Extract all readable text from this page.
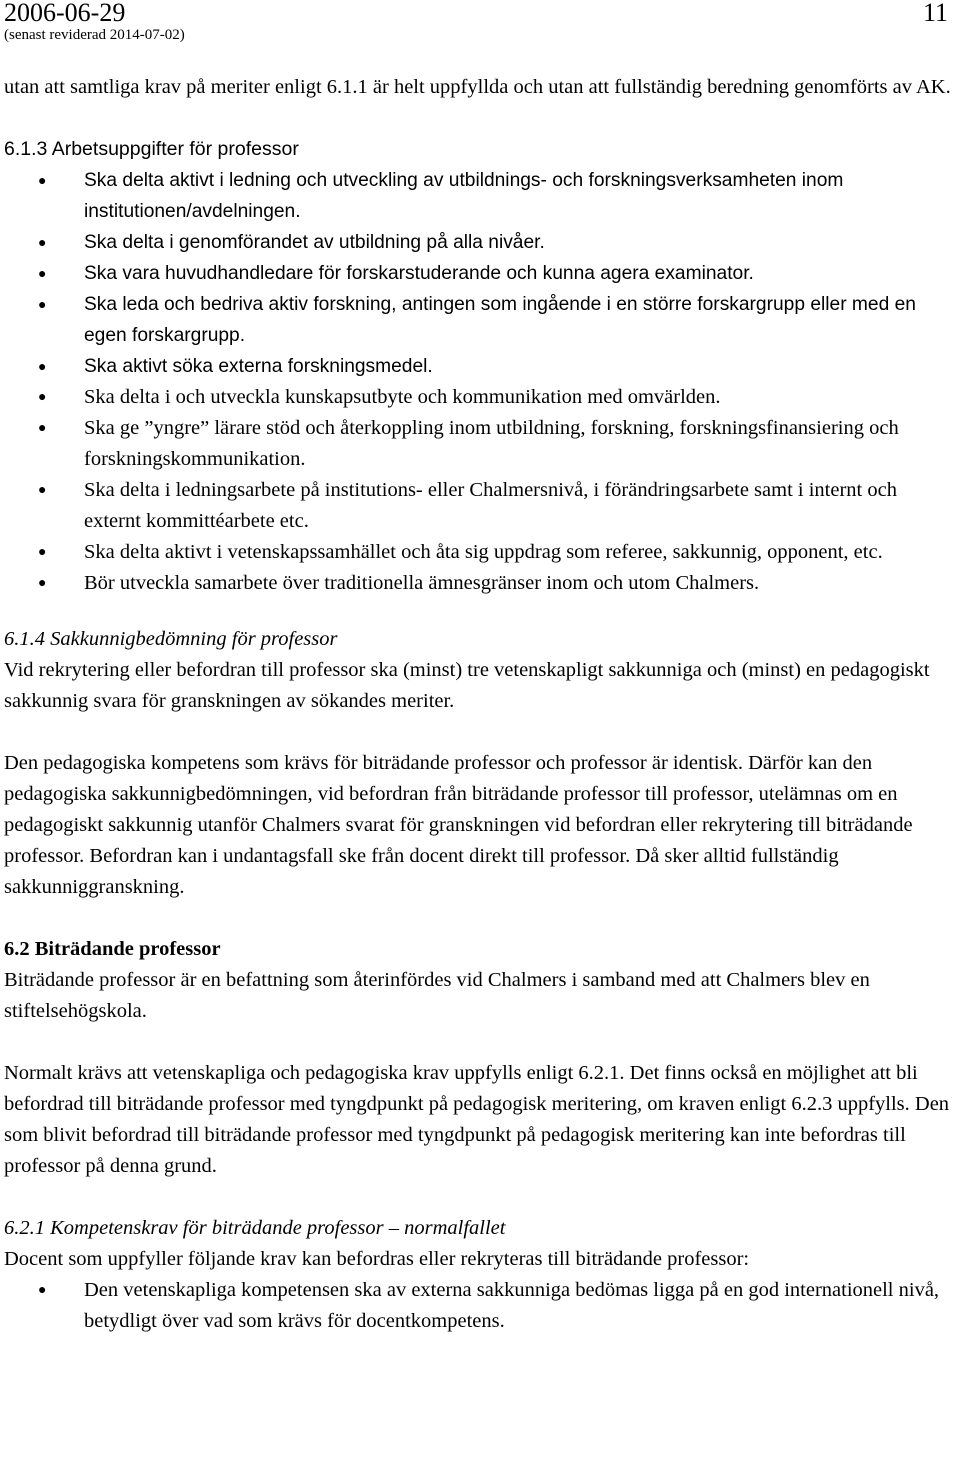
2006-06-29
(senast reviderad 2014-07-02)
11

utan att samtliga krav på meriter enligt 6.1.1 är helt uppfyllda och utan att fullständig beredning genomförts av AK.

6.1.3 Arbetsuppgifter för professor

● Ska delta aktivt i ledning och utveckling av utbildnings- och forskningsverksamheten inom institutionen/avdelningen.
● Ska delta i genomförandet av utbildning på alla nivåer.
● Ska vara huvudhandledare för forskarstuderande och kunna agera examinator.
● Ska leda och bedriva aktiv forskning, antingen som ingående i en större forskargrupp eller med en egen forskargrupp.
● Ska aktivt söka externa forskningsmedel.
● Ska delta i och utveckla kunskapsutbyte och kommunikation med omvärlden.
● Ska ge ”yngre” lärare stöd och återkoppling inom utbildning, forskning, forskningsfinansiering och forskningskommunikation.
● Ska delta i ledningsarbete på institutions- eller Chalmersnivå, i förändringsarbete samt i internt och externt kommittéarbete etc.
● Ska delta aktivt i vetenskapssamhället och åta sig uppdrag som referee, sakkunnig, opponent, etc.
● Bör utveckla samarbete över traditionella ämnesgränser inom och utom Chalmers.

6.1.4 Sakkunnigbedömning för professor

Vid rekrytering eller befordran till professor ska (minst) tre vetenskapligt sakkunniga och (minst) en pedagogiskt sakkunnig svara för granskningen av sökandes meriter.

Den pedagogiska kompetens som krävs för biträdande professor och professor är identisk. Därför kan den pedagogiska sakkunnigbedömningen, vid befordran från biträdande professor till professor, utelämnas om en pedagogiskt sakkunnig utanför Chalmers svarat för granskningen vid befordran eller rekrytering till biträdande professor. Befordran kan i undantagsfall ske från docent direkt till professor. Då sker alltid fullständig sakkunniggranskning.

6.2 Biträdande professor

Biträdande professor är en befattning som återinfördes vid Chalmers i samband med att Chalmers blev en stiftelsehögskola.

Normalt krävs att vetenskapliga och pedagogiska krav uppfylls enligt 6.2.1. Det finns också en möjlighet att bli befordrad till biträdande professor med tyngdpunkt på pedagogisk meritering, om kraven enligt 6.2.3 uppfylls. Den som blivit befordrad till biträdande professor med tyngdpunkt på pedagogisk meritering kan inte befordras till professor på denna grund.

6.2.1 Kompetenskrav för biträdande professor – normalfallet

Docent som uppfyller följande krav kan befordras eller rekryteras till biträdande professor:

● Den vetenskapliga kompetensen ska av externa sakkunniga bedömas ligga på en god internationell nivå, betydligt över vad som krävs för docentkompetens.
